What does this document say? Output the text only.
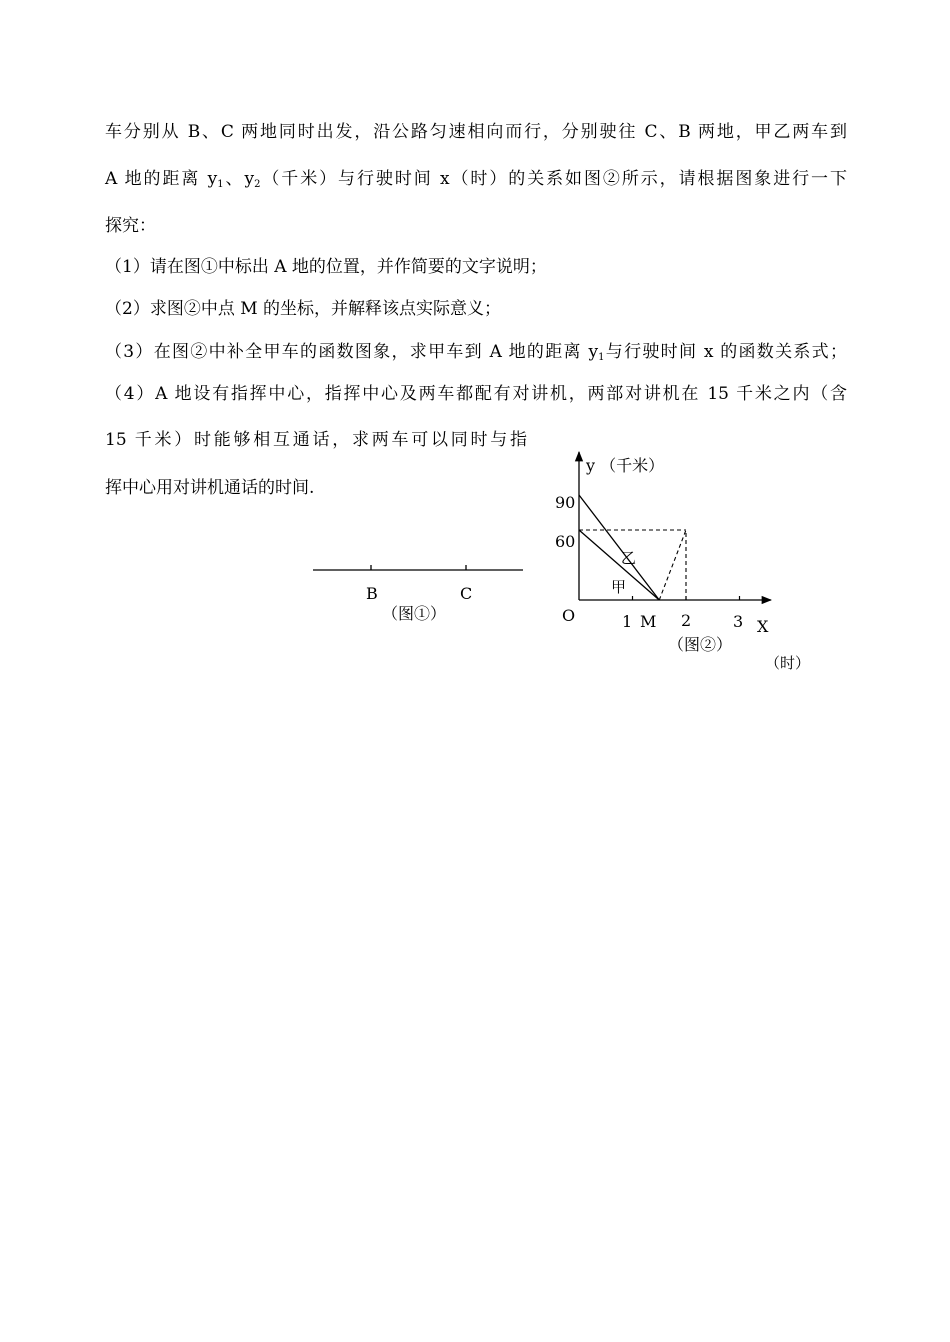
车分别从 B、C 两地同时出发，沿公路匀速相向而行，分别驶往 C、B 两地，甲乙两车到

A 地的距离 $y_1$、$y_2$（千米）与行驶时间 x（时）的关系如图②所示，请根据图象进行一下

探究：

（1）请在图①中标出 A 地的位置，并作简要的文字说明；

（2）求图②中点 M 的坐标，并解释该点实际意义；

（3）在图②中补全甲车的函数图象，求甲车到 A 地的距离 $y_1$与行驶时间 x 的函数关系式；

（4）A 地设有指挥中心，指挥中心及两车都配有对讲机，两部对讲机在 15 千米之内（含

15 千米）时能够相互通话，求两车可以同时与指

挥中心用对讲机通话的时间.

B	C
（图①）
y （千米）
90
60
O	1 M 2	3 X
（时）
乙
甲
（图②）
